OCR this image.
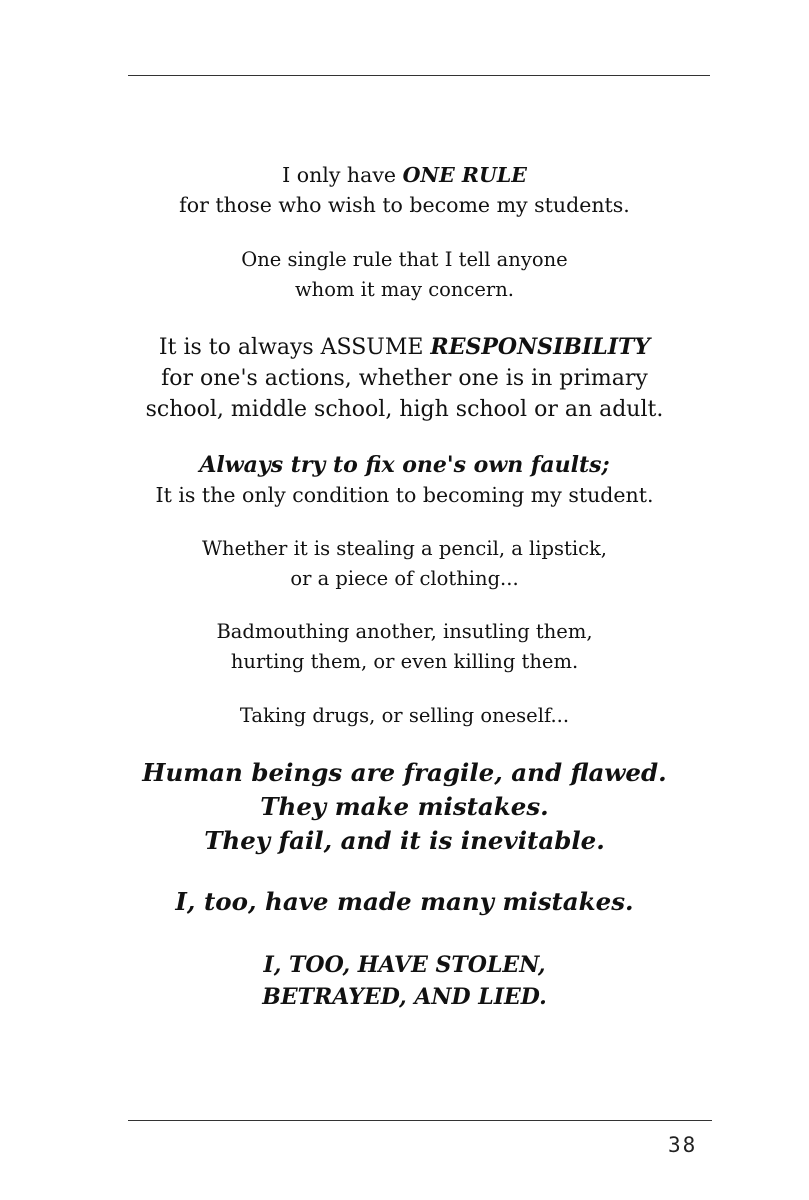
I only have ONE RULE
for those who wish to become my students.

One single rule that I tell anyone
whom it may concern.

It is to always ASSUME RESPONSIBILITY
for one's actions, whether one is in primary
school, middle school, high school or an adult.

Always try to fix one's own faults;
It is the only condition to becoming my student.

Whether it is stealing a pencil, a lipstick,
or a piece of clothing...

Badmouthing another, insutling them,
hurting them, or even killing them.

Taking drugs, or selling oneself...

Human beings are fragile, and flawed.
They make mistakes.
They fail, and it is inevitable.

I, too, have made many mistakes.

I, TOO, HAVE STOLEN,
BETRAYED, AND LIED.

38
